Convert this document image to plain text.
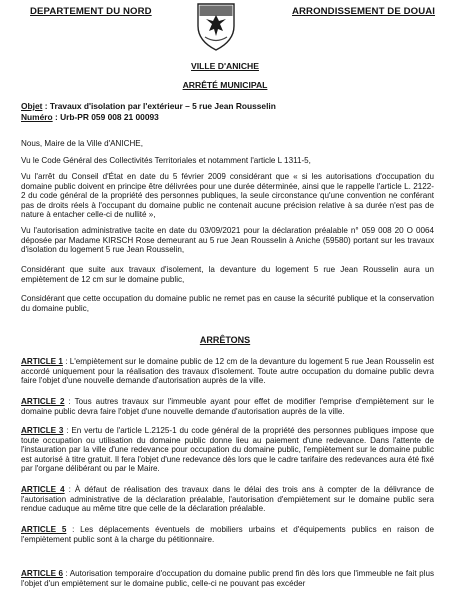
DEPARTEMENT DU NORD	ARRONDISSEMENT DE DOUAI
VILLE D'ANICHE
ARRÊTÉ MUNICIPAL
Objet : Travaux d'isolation par l'extérieur – 5 rue Jean Rousselin
Numéro : Urb-PR 059 008 21 00093

Nous, Maire de la Ville d'ANICHE,

Vu le Code Général des Collectivités Territoriales et notamment l'article L 1311-5,

Vu l'arrêt du Conseil d'État en date du 5 février 2009 considérant que « si les autorisations d'occupation du domaine public doivent en principe être délivrées pour une durée déterminée, ainsi que le rappelle l'article L. 2122-2 du code général de la propriété des personnes publiques, la seule circonstance qu'une convention ne conférant pas de droits réels à l'occupant du domaine public ne contenait aucune précision relative à sa durée n'est pas de nature à entacher celle-ci de nullité »,

Vu l'autorisation administrative tacite en date du 03/09/2021 pour la déclaration préalable n° 059 008 20 O 0064 déposée par Madame KIRSCH Rose demeurant au 5 rue Jean Rousselin à Aniche (59580) portant sur les travaux d'isolation du logement 5 rue Jean Rousselin,

Considérant que suite aux travaux d'isolement, la devanture du logement 5 rue Jean Rousselin aura un empiètement de 12 cm sur le domaine public,

Considérant que cette occupation du domaine public ne remet pas en cause la sécurité publique et la conservation du domaine public,

ARRÊTONS

ARTICLE 1 : L'empiètement sur le domaine public de 12 cm de la devanture du logement 5 rue Jean Rousselin est accordé uniquement pour la réalisation des travaux d'isolement. Toute autre occupation du domaine public devra faire l'objet d'une nouvelle demande d'autorisation auprès de la ville.

ARTICLE 2 : Tous autres travaux sur l'immeuble ayant pour effet de modifier l'emprise d'empiètement sur le domaine public devra faire l'objet d'une nouvelle demande d'autorisation auprès de la ville.

ARTICLE 3 : En vertu de l'article L.2125-1 du code général de la propriété des personnes publiques impose que toute occupation ou utilisation du domaine public donne lieu au paiement d'une redevance. Dans l'attente de l'instauration par la ville d'une redevance pour occupation du domaine public, l'empiètement sur le domaine public est autorisé à titre gratuit. Il fera l'objet d'une redevance dès lors que le cadre tarifaire des redevances aura été fixé par l'organe délibérant ou par le Maire.

ARTICLE 4 : À défaut de réalisation des travaux dans le délai des trois ans à compter de la délivrance de l'autorisation administrative de la déclaration préalable, l'autorisation d'empiètement sur le domaine public sera rendue caduque au même titre que celle de la déclaration préalable.

ARTICLE 5 : Les déplacements éventuels de mobiliers urbains et d'équipements publics en raison de l'empiètement public sont à la charge du pétitionnaire.

ARTICLE 6 : Autorisation temporaire d'occupation du domaine public prend fin dès lors que l'immeuble ne fait plus l'objet d'un empiètement sur le domaine public, celle-ci ne pouvant pas excéder
